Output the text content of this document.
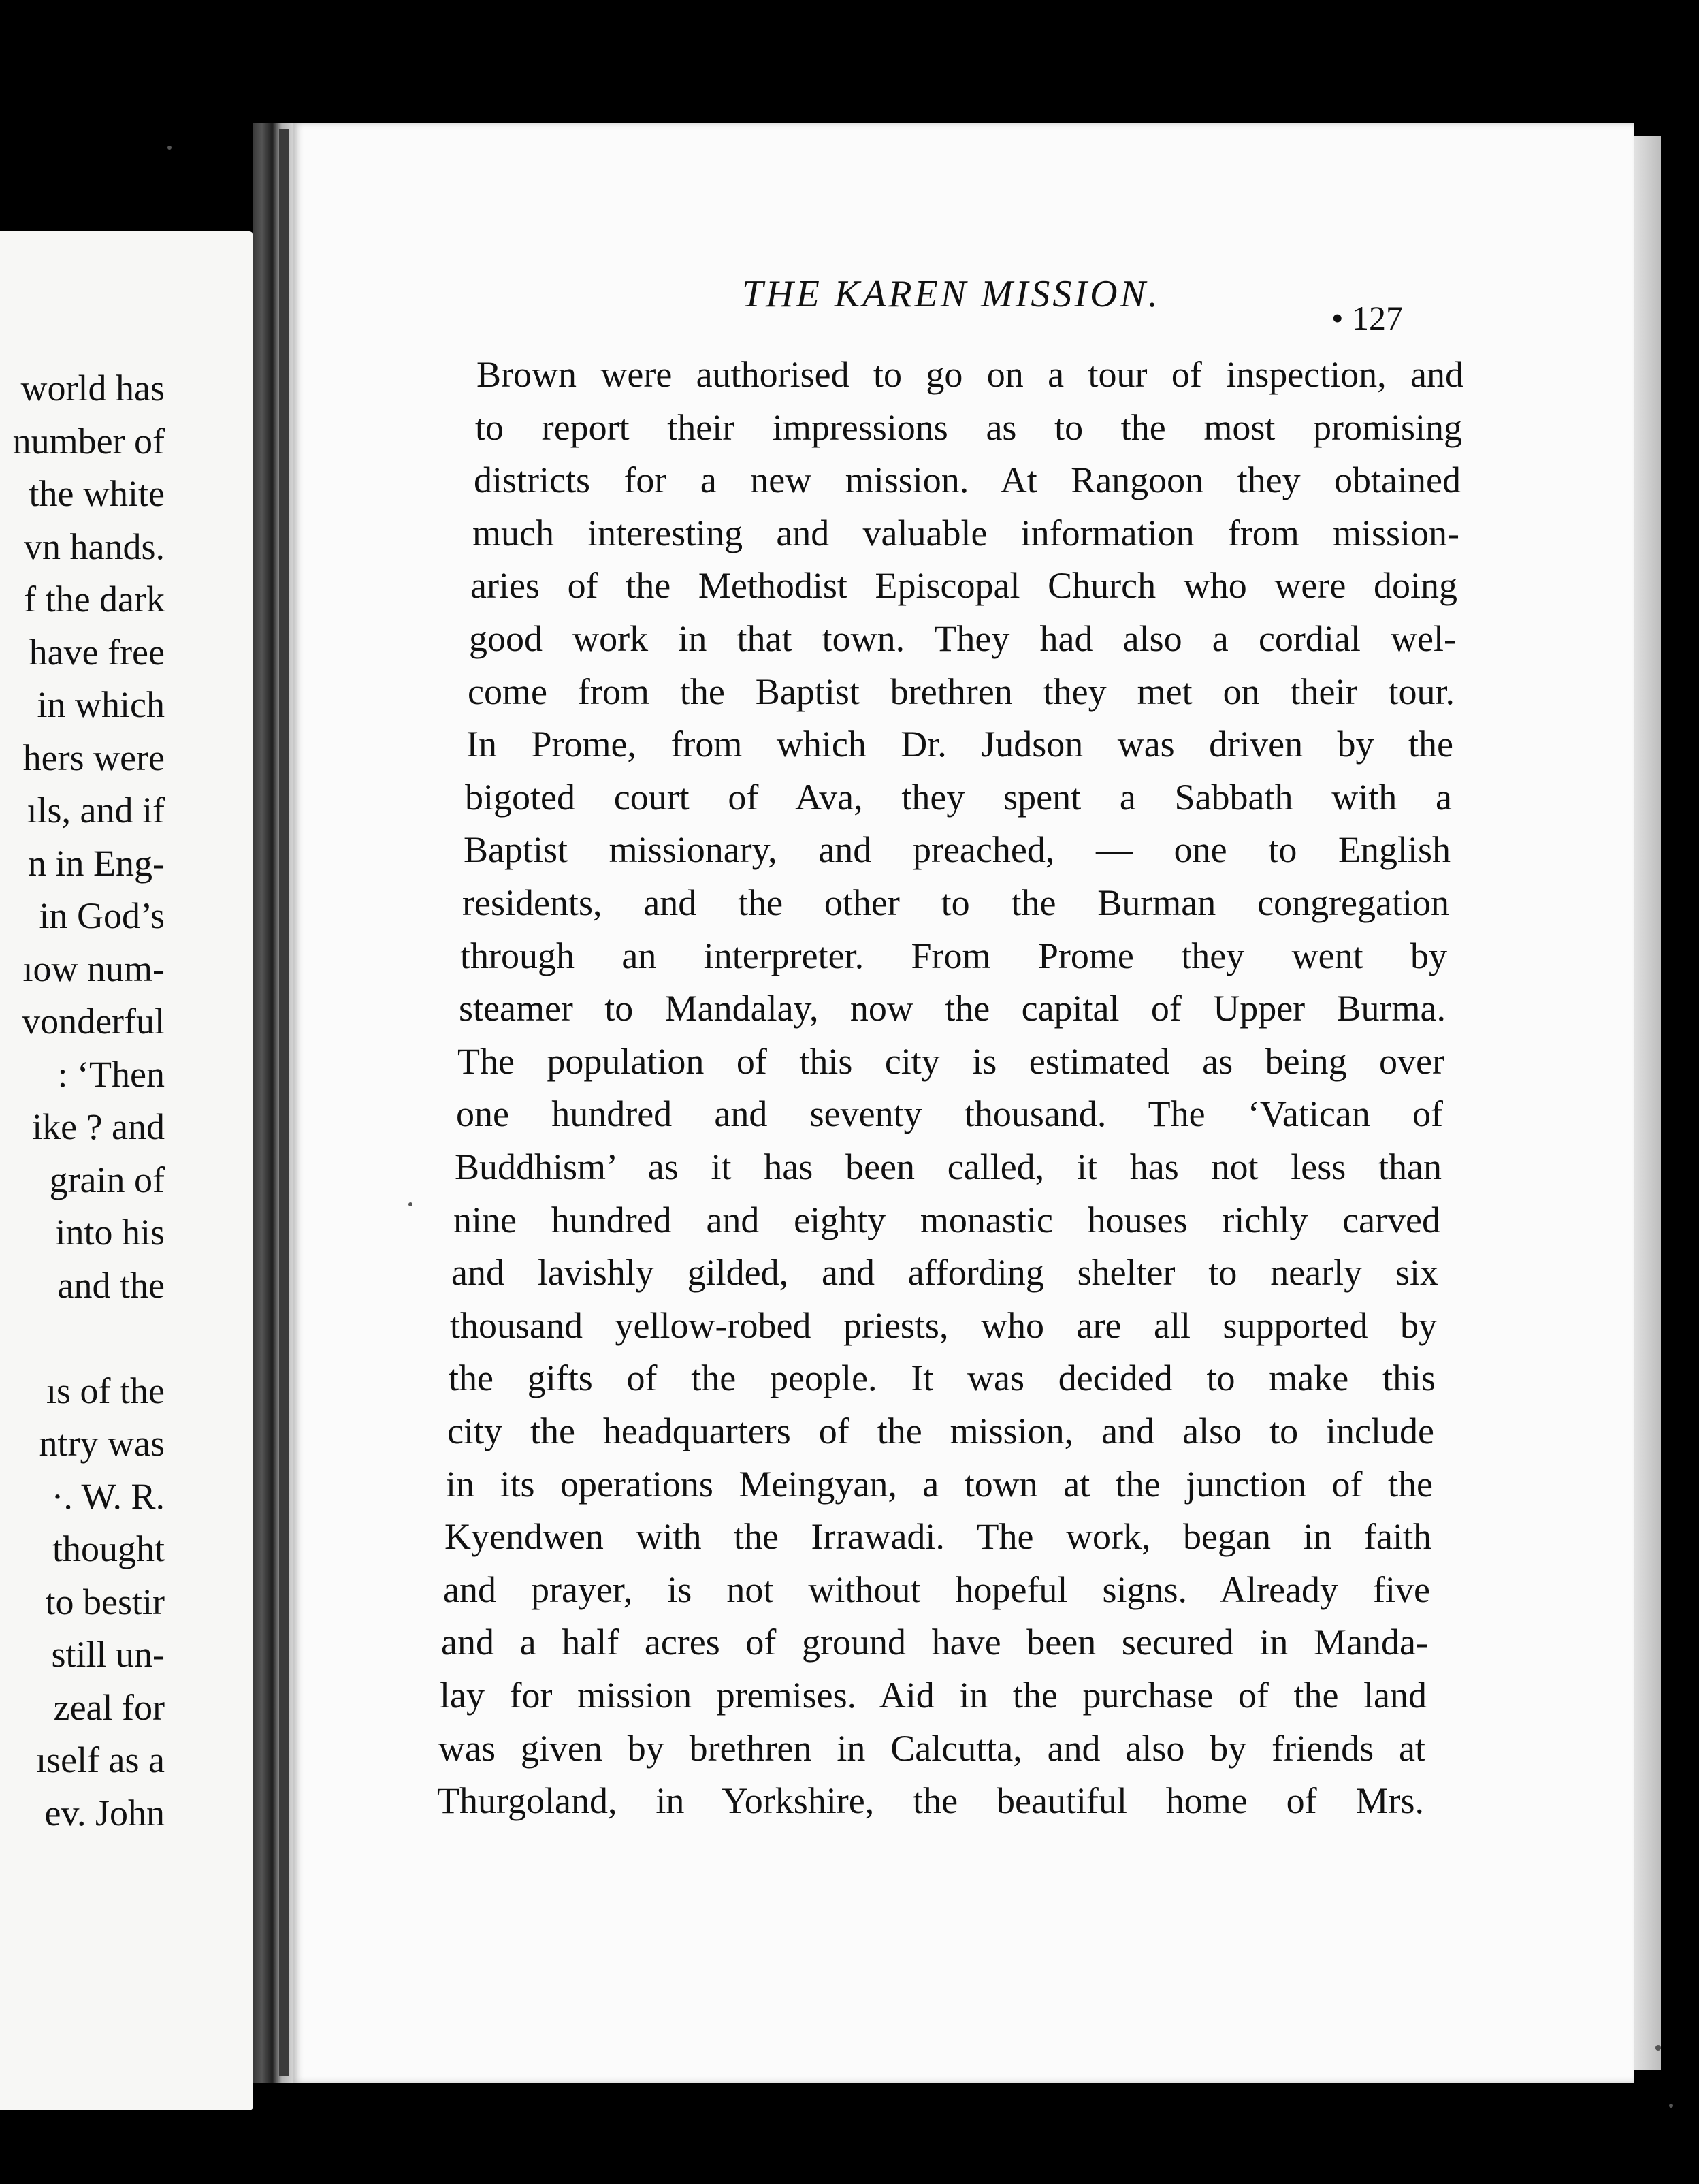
world has
number of
the white
vn hands.
f the dark
have free
in which
hers were
ıls, and if
n in Eng-
in God’s
ıow num-
vonderful
: ‘Then
ike ? and
grain of
into his
and the
ıs of the
ntry was
·. W. R.
thought
to bestir
still un-
zeal for
ıself as a
ev. John
THE KAREN MISSION.
• 127
Brown were authorised to go on a tour of inspection, and
to report their impressions as to the most promising
districts for a new mission. At Rangoon they obtained
much interesting and valuable information from mission-
aries of the Methodist Episcopal Church who were doing
good work in that town. They had also a cordial wel-
come from the Baptist brethren they met on their tour.
In Prome, from which Dr. Judson was driven by the
bigoted court of Ava, they spent a Sabbath with a
Baptist missionary, and preached, — one to English
residents, and the other to the Burman congregation
through an interpreter. From Prome they went by
steamer to Mandalay, now the capital of Upper Burma.
The population of this city is estimated as being over
one hundred and seventy thousand. The ‘Vatican of
Buddhism’ as it has been called, it has not less than
nine hundred and eighty monastic houses richly carved
and lavishly gilded, and affording shelter to nearly six
thousand yellow-robed priests, who are all supported by
the gifts of the people. It was decided to make this
city the headquarters of the mission, and also to include
in its operations Meingyan, a town at the junction of the
Kyendwen with the Irrawadi. The work, began in faith
and prayer, is not without hopeful signs. Already five
and a half acres of ground have been secured in Manda-
lay for mission premises. Aid in the purchase of the land
was given by brethren in Calcutta, and also by friends at
Thurgoland, in Yorkshire, the beautiful home of Mrs.
